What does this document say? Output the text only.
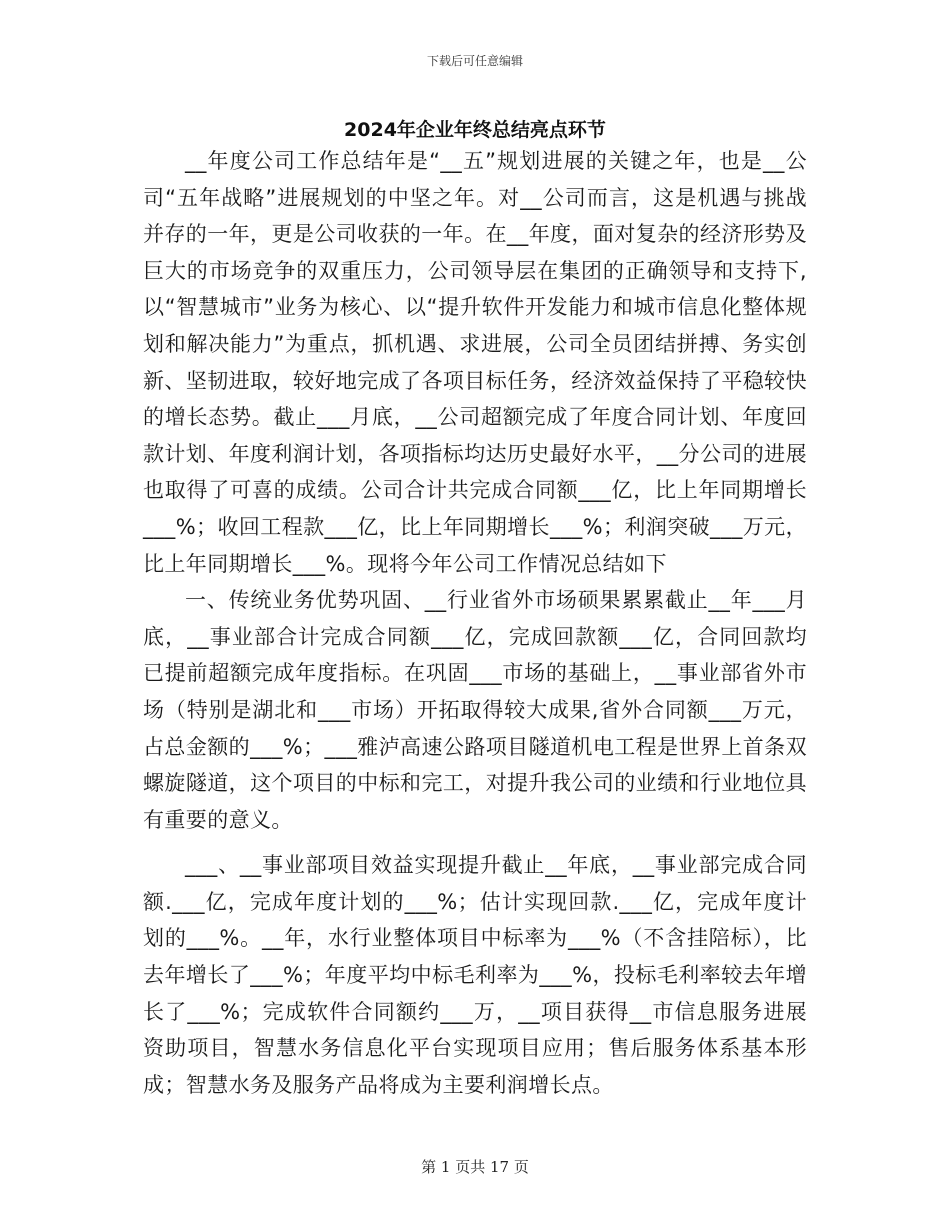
下载后可任意编辑
2024年企业年终总结亮点环节

__年度公司工作总结年是“__五”规划进展的关键之年，也是__公司“五年战略”进展规划的中坚之年。对__公司而言，这是机遇与挑战并存的一年，更是公司收获的一年。在__年度，面对复杂的经济形势及巨大的市场竞争的双重压力，公司领导层在集团的正确领导和支持下,以“智慧城市”业务为核心、以“提升软件开发能力和城市信息化整体规划和解决能力”为重点，抓机遇、求进展，公司全员团结拼搏、务实创新、坚韧进取，较好地完成了各项目标任务，经济效益保持了平稳较快的增长态势。截止___月底，__公司超额完成了年度合同计划、年度回款计划、年度利润计划，各项指标均达历史最好水平，__分公司的进展也取得了可喜的成绩。公司合计共完成合同额___亿，比上年同期增长___%；收回工程款___亿，比上年同期增长___%；利润突破___万元，比上年同期增长___%。现将今年公司工作情况总结如下

一、传统业务优势巩固、__行业省外市场硕果累累截止__年___月底，__事业部合计完成合同额___亿，完成回款额___亿，合同回款均已提前超额完成年度指标。在巩固___市场的基础上，__事业部省外市场（特别是湖北和___市场）开拓取得较大成果,省外合同额___万元，占总金额的___%；___雅泸高速公路项目隧道机电工程是世界上首条双螺旋隧道，这个项目的中标和完工，对提升我公司的业绩和行业地位具有重要的意义。

___、__事业部项目效益实现提升截止__年底，__事业部完成合同额.___亿，完成年度计划的___%；估计实现回款.___亿，完成年度计划的___%。__年，水行业整体项目中标率为___%（不含挂陪标），比去年增长了___%；年度平均中标毛利率为___%，投标毛利率较去年增长了___%；完成软件合同额约___万，__项目获得__市信息服务进展资助项目，智慧水务信息化平台实现项目应用；售后服务体系基本形成；智慧水务及服务产品将成为主要利润增长点。

第 1 页共 17 页
